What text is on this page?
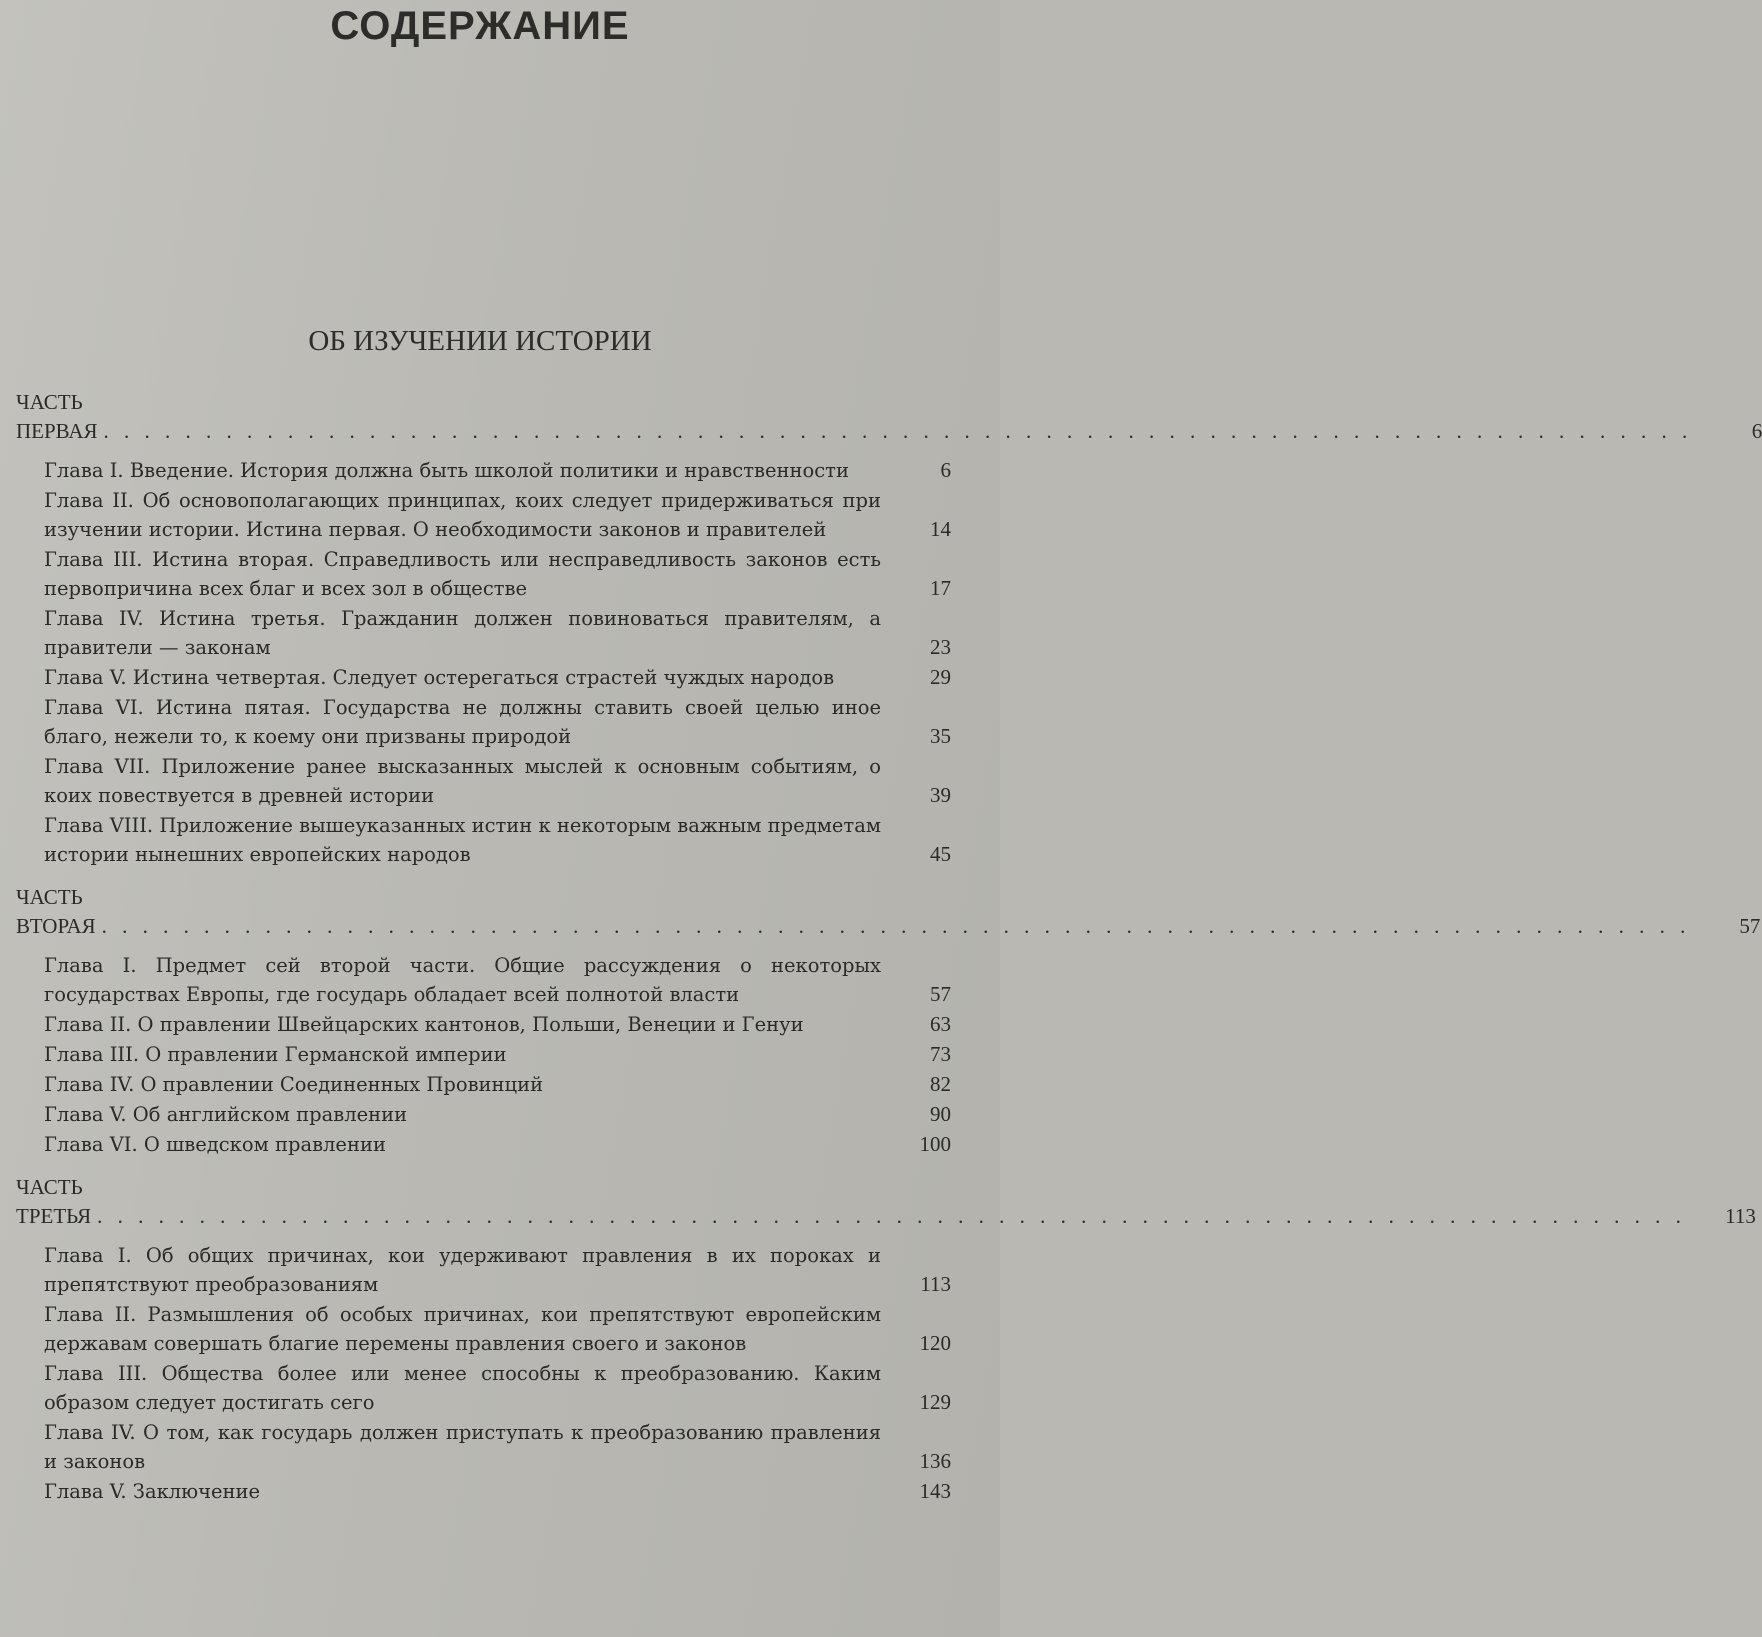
СОДЕРЖАНИЕ
ОБ ИЗУЧЕНИИ ИСТОРИИ
ЧАСТЬ ПЕРВАЯ . . . . . . . . . . . . . . . . . . . . . . . . . . . . . . . . . . . . . . . . . . . . . . . . . . . . . . . . . . . . . . . . . . . . . . . . . . . . . .	6
Глава I. Введение. История должна быть школой политики и нравственности	6
Глава II. Об основополагающих принципах, коих следует придерживаться при изучении истории. Истина первая. О необходимости законов и правителей	14
Глава III. Истина вторая. Справедливость или несправедливость законов есть первопричина всех благ и всех зол в обществе	17
Глава IV. Истина третья. Гражданин должен повиноваться правителям, а правители — законам	23
Глава V. Истина четвертая. Следует остерегаться страстей чуждых народов	29
Глава VI. Истина пятая. Государства не должны ставить своей целью иное благо, нежели то, к коему они призваны природой	35
Глава VII. Приложение ранее высказанных мыслей к основным событиям, о коих повествуется в древней истории	39
Глава VIII. Приложение вышеуказанных истин к некоторым важным предметам истории нынешних европейских народов	45
ЧАСТЬ ВТОРАЯ . . . . . . . . . . . . . . . . . . . . . . . . . . . . . . . . . . . . . . . . . . . . . . . . . . . . . . . . . . . . . . . . . . . . . . . . . . . . . .	57
Глава I. Предмет сей второй части. Общие рассуждения о некоторых государствах Европы, где государь обладает всей полнотой власти	57
Глава II. О правлении Швейцарских кантонов, Польши, Венеции и Генуи	63
Глава III. О правлении Германской империи	73
Глава IV. О правлении Соединенных Провинций	82
Глава V. Об английском правлении	90
Глава VI. О шведском правлении	100
ЧАСТЬ ТРЕТЬЯ . . . . . . . . . . . . . . . . . . . . . . . . . . . . . . . . . . . . . . . . . . . . . . . . . . . . . . . . . . . . . . . . . . . . . . . . . . . . . .	113
Глава I. Об общих причинах, кои удерживают правления в их пороках и препятствуют преобразованиям	113
Глава II. Размышления об особых причинах, кои препятствуют европейским державам совершать благие перемены правления своего и законов	120
Глава III. Общества более или менее способны к преобразованию. Каким образом следует достигать сего	129
Глава IV. О том, как государь должен приступать к преобразованию правления и законов	136
Глава V. Заключение	143
